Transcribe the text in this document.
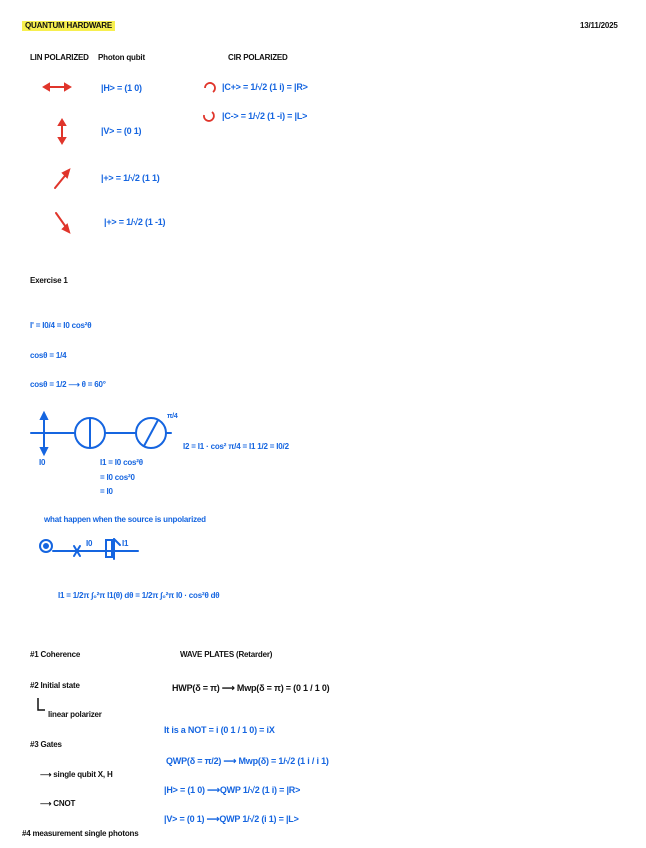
QUANTUM HARDWARE	13/11/2025
LIN POLARIZED Photon qubit	CIR POLARIZED
|H> = (1 0)
|V> = (0 1)
|+> = 1/√2 (1 1)
|+> = 1/√2 (1 -1)
|C+> = 1/√2 (1 i) = |R>
|C-> = 1/√2 (1 -i) = |L>
Exercise 1
I' = I0/4 = I0 cos²θ
cosθ = 1/4
cosθ = 1/2 ⟶ θ = 60°
π/4
I2 = I1 · cos² π/4 = I1 1/2 = I0/2
I0	I1 = I0 cos²θ
= I0 cos²0
= I0
what happen when the source is unpolarized
I0	I1
I1 = 1/2π ∫₀²π I1(θ) dθ = 1/2π ∫₀²π I0 · cos²θ dθ
#1 Coherence
#2 Initial state
linear polarizer
#3 Gates
⟶ single qubit X, H
⟶ CNOT
#4 measurement single photons
WAVE PLATES (Retarder)
HWP(δ = π) ⟶ Mwp(δ = π) = (0 1 / 1 0)
It is a NOT = i (0 1 / 1 0) = iX
QWP(δ = π/2) ⟶ Mwp(δ) = 1/√2 (1 i / i 1)
|H> = (1 0) ⟶QWP 1/√2 (1 i) = |R>
|V> = (0 1) ⟶QWP 1/√2 (i 1) = |L>
